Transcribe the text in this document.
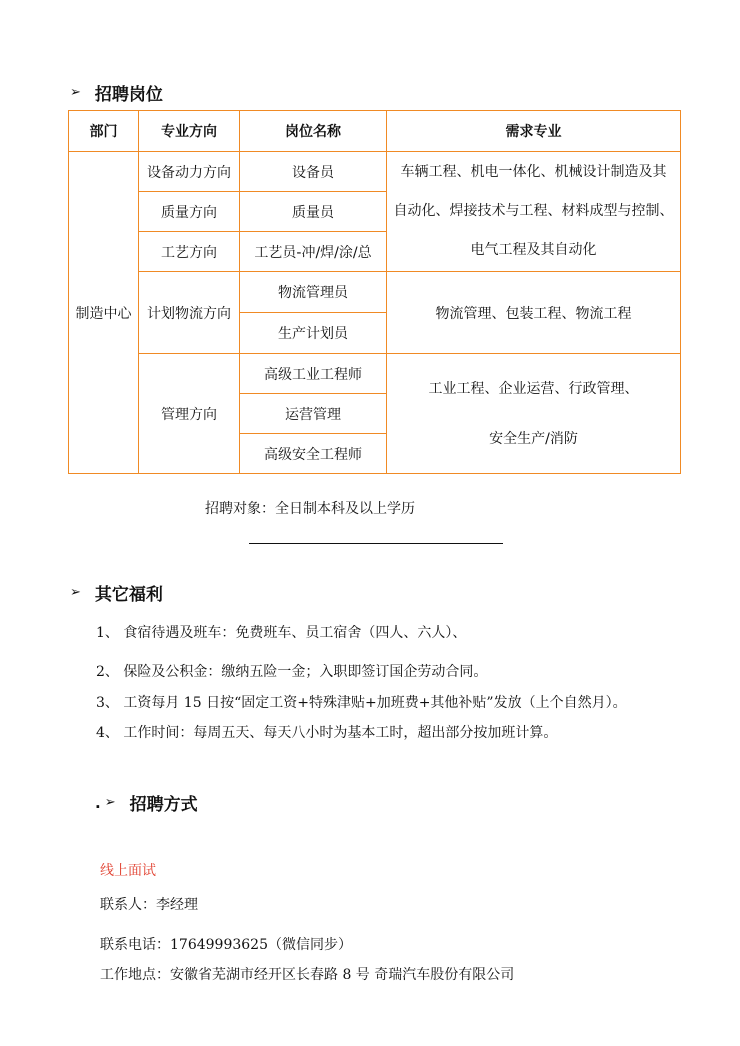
➢ 招聘岗位
部门	专业方向	岗位名称	需求专业
制造中心	设备动力方向	设备员	车辆工程、机电一体化、机械设计制造及其
自动化、焊接技术与工程、材料成型与控制、
电气工程及其自动化

	质量方向	质量员	
	工艺方向	工艺员-冲/焊/涂/总	
	计划物流方向	物流管理员	物流管理、包装工程、物流工程
		生产计划员	
	管理方向	高级工业工程师	工业工程、企业运营、行政管理、
安全生产/消防

		运营管理	
		高级安全工程师	
招聘对象：全日制本科及以上学历
➢ 其它福利
1、 食宿待遇及班车：免费班车、员工宿舍（四人、六人）、
2、 保险及公积金：缴纳五险一金；入职即签订国企劳动合同。
3、 工资每月 15 日按“固定工资+特殊津贴+加班费+其他补贴”发放（上个自然月）。
4、 工作时间：每周五天、每天八小时为基本工时，超出部分按加班计算。
. ➢ 招聘方式
线上面试
联系人：李经理
联系电话：17649993625（微信同步）
工作地点：安徽省芜湖市经开区长春路 8 号 奇瑞汽车股份有限公司
